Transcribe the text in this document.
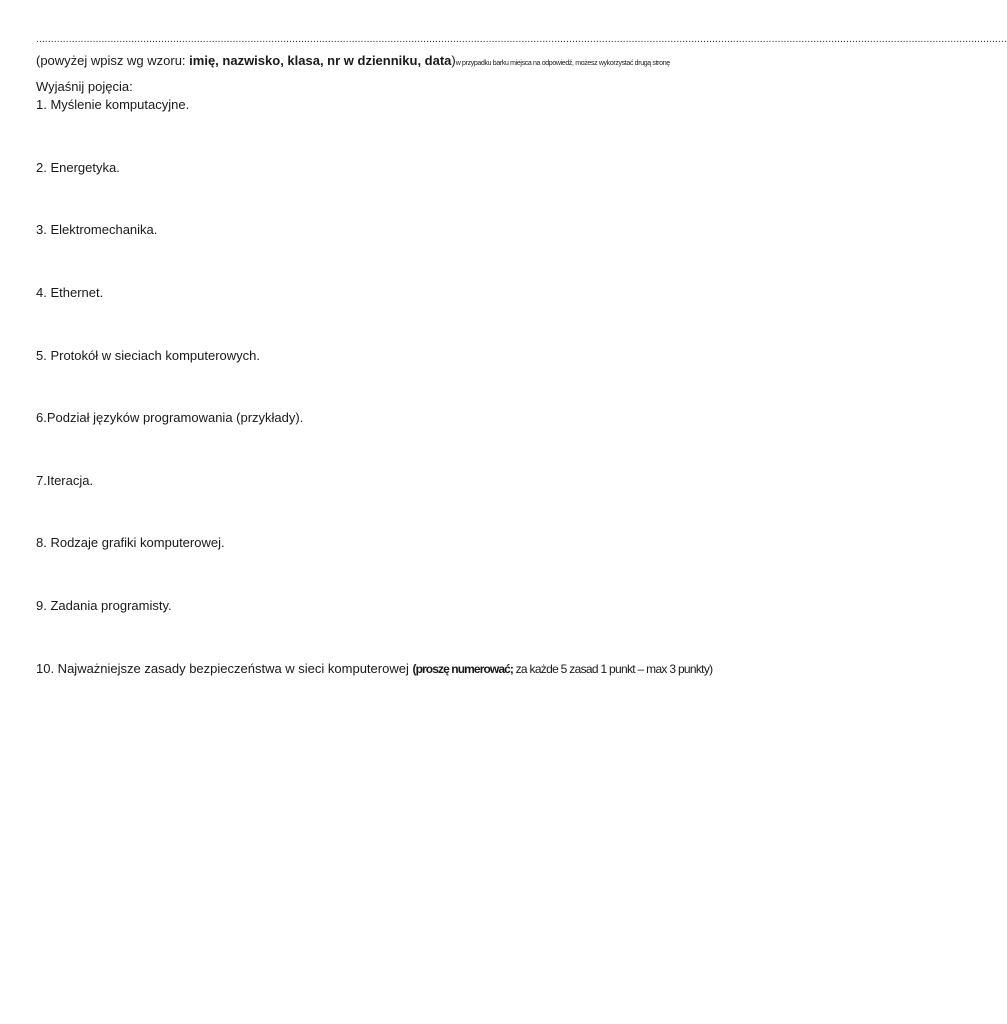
......................................................................................................................................................................................................................................................................................................................................
(powyżej wpisz wg wzoru: imię, nazwisko, klasa, nr w dzienniku, data)w przypadku barku miejsca na odpowiedź, możesz wykorzystać drugą stronę
Wyjaśnij pojęcia:
1. Myślenie komputacyjne.
2. Energetyka.
3. Elektromechanika.
4. Ethernet.
5. Protokół w sieciach komputerowych.
6.Podział języków programowania (przykłady).
7.Iteracja.
8. Rodzaje grafiki komputerowej.
9. Zadania programisty.
10. Najważniejsze zasady bezpieczeństwa w sieci komputerowej (proszę numerować; za każde 5 zasad 1 punkt – max 3 punkty)
